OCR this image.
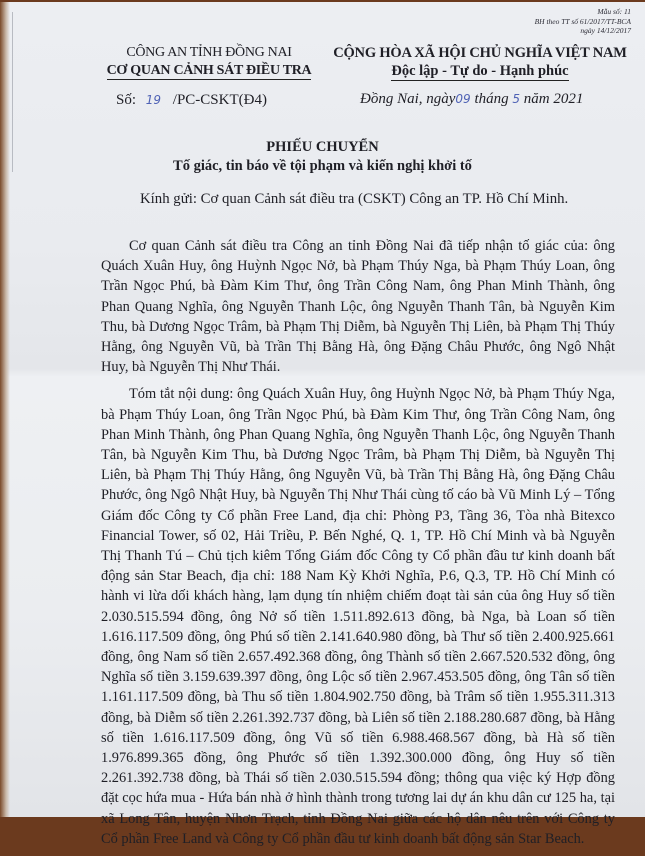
Mẫu số: 11
BH theo TT số 61/2017/TT-BCA
ngày 14/12/2017
CÔNG AN TỈNH ĐỒNG NAI
CƠ QUAN CẢNH SÁT ĐIỀU TRA
CỘNG HÒA XÃ HỘI CHỦ NGHĨA VIỆT NAM
Độc lập - Tự do - Hạnh phúc
Số: 19 /PC-CSKT(Đ4)	Đồng Nai, ngày09 tháng 5 năm 2021
PHIẾU CHUYỂN
Tố giác, tin báo về tội phạm và kiến nghị khởi tố
Kính gửi: Cơ quan Cảnh sát điều tra (CSKT) Công an TP. Hồ Chí Minh.

Cơ quan Cảnh sát điều tra Công an tỉnh Đồng Nai đã tiếp nhận tố giác của: ông Quách Xuân Huy, ông Huỳnh Ngọc Nở, bà Phạm Thúy Nga, bà Phạm Thúy Loan, ông Trần Ngọc Phú, bà Đàm Kim Thư, ông Trần Công Nam, ông Phan Minh Thành, ông Phan Quang Nghĩa, ông Nguyễn Thanh Lộc, ông Nguyễn Thanh Tân, bà Nguyễn Kim Thu, bà Dương Ngọc Trâm, bà Phạm Thị Diễm, bà Nguyễn Thị Liên, bà Phạm Thị Thúy Hằng, ông Nguyễn Vũ, bà Trần Thị Bằng Hà, ông Đặng Châu Phước, ông Ngô Nhật Huy, bà Nguyễn Thị Như Thái.

Tóm tắt nội dung: ông Quách Xuân Huy, ông Huỳnh Ngọc Nở, bà Phạm Thúy Nga, bà Phạm Thúy Loan, ông Trần Ngọc Phú, bà Đàm Kim Thư, ông Trần Công Nam, ông Phan Minh Thành, ông Phan Quang Nghĩa, ông Nguyễn Thanh Lộc, ông Nguyễn Thanh Tân, bà Nguyễn Kim Thu, bà Dương Ngọc Trâm, bà Phạm Thị Diễm, bà Nguyễn Thị Liên, bà Phạm Thị Thúy Hằng, ông Nguyễn Vũ, bà Trần Thị Bằng Hà, ông Đặng Châu Phước, ông Ngô Nhật Huy, bà Nguyễn Thị Như Thái cùng tố cáo bà Vũ Minh Lý – Tổng Giám đốc Công ty Cổ phần Free Land, địa chỉ: Phòng P3, Tầng 36, Tòa nhà Bitexco Financial Tower, số 02, Hải Triều, P. Bến Nghé, Q. 1, TP. Hồ Chí Minh và bà Nguyễn Thị Thanh Tú – Chủ tịch kiêm Tổng Giám đốc Công ty Cổ phần đầu tư kinh doanh bất động sản Star Beach, địa chỉ: 188 Nam Kỳ Khởi Nghĩa, P.6, Q.3, TP. Hồ Chí Minh có hành vi lừa dối khách hàng, lạm dụng tín nhiệm chiếm đoạt tài sản của ông Huy số tiền 2.030.515.594 đồng, ông Nở số tiền 1.511.892.613 đồng, bà Nga, bà Loan số tiền 1.616.117.509 đồng, ông Phú số tiền 2.141.640.980 đồng, bà Thư số tiền 2.400.925.661 đồng, ông Nam số tiền 2.657.492.368 đồng, ông Thành số tiền 2.667.520.532 đồng, ông Nghĩa số tiền 3.159.639.397 đồng, ông Lộc số tiền 2.967.453.505 đồng, ông Tân số tiền 1.161.117.509 đồng, bà Thu số tiền 1.804.902.750 đồng, bà Trâm số tiền 1.955.311.313 đồng, bà Diễm số tiền 2.261.392.737 đồng, bà Liên số tiền 2.188.280.687 đồng, bà Hằng số tiền 1.616.117.509 đồng, ông Vũ số tiền 6.988.468.567 đồng, bà Hà số tiền 1.976.899.365 đồng, ông Phước số tiền 1.392.300.000 đồng, ông Huy số tiền 2.261.392.738 đồng, bà Thái số tiền 2.030.515.594 đồng; thông qua việc ký Hợp đồng đặt cọc hứa mua - Hứa bán nhà ở hình thành trong tương lai dự án khu dân cư 125 ha, tại xã Long Tân, huyện Nhơn Trạch, tỉnh Đồng Nai giữa các hộ dân nêu trên với Công ty Cổ phần Free Land và Công ty Cổ phần đầu tư kinh doanh bất động sản Star Beach.
